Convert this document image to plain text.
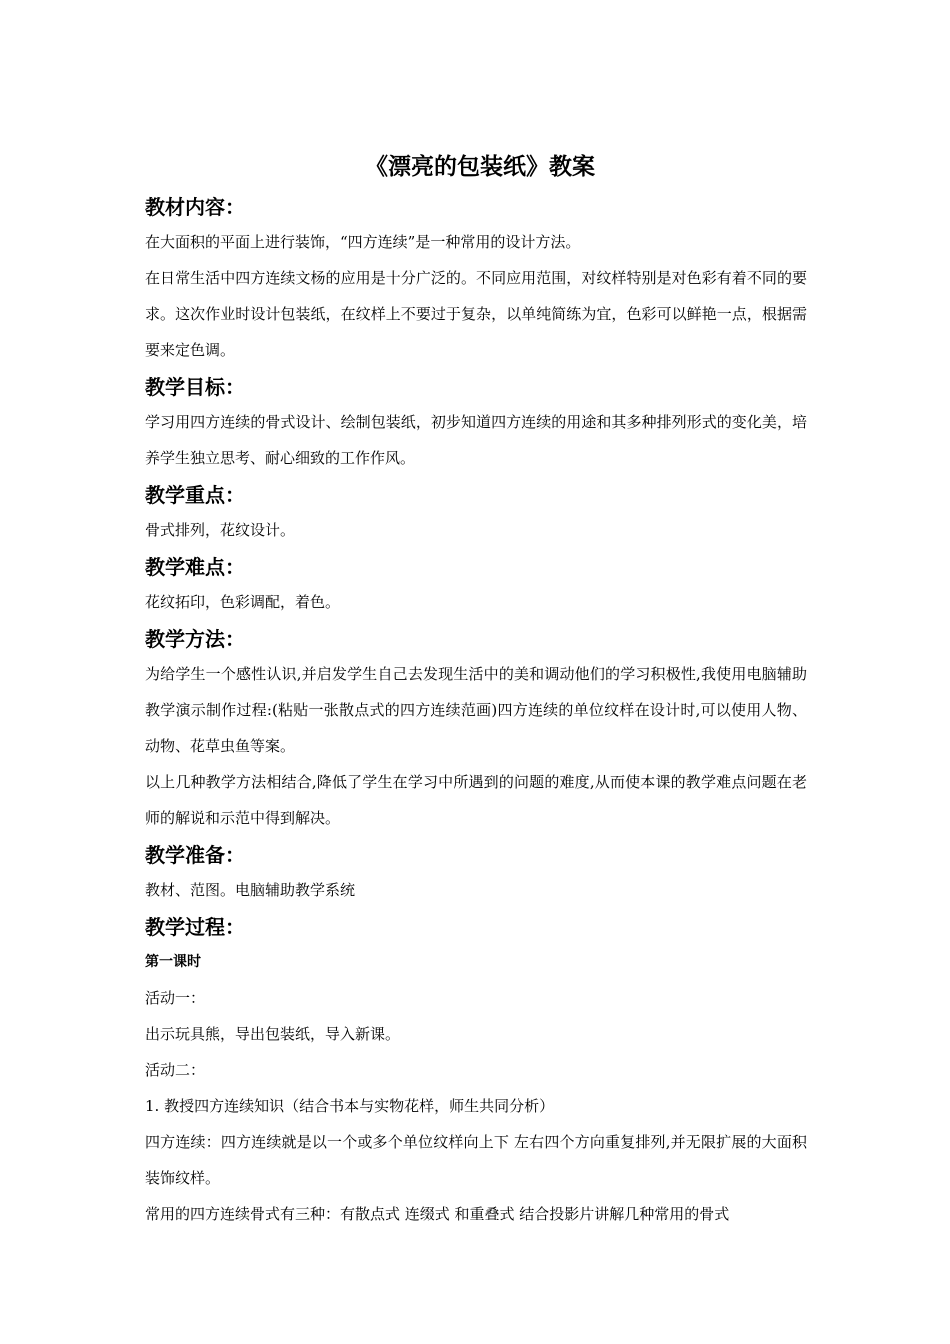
《漂亮的包装纸》教案
教材内容：

在大面积的平面上进行装饰，“四方连续”是一种常用的设计方法。

在日常生活中四方连续文杨的应用是十分广泛的。不同应用范围，对纹样特别是对色彩有着不同的要求。这次作业时设计包装纸，在纹样上不要过于复杂，以单纯简练为宜，色彩可以鲜艳一点，根据需要来定色调。

教学目标：

学习用四方连续的骨式设计、绘制包装纸，初步知道四方连续的用途和其多种排列形式的变化美，培养学生独立思考、耐心细致的工作作风。

教学重点：

骨式排列，花纹设计。

教学难点：

花纹拓印，色彩调配，着色。

教学方法：

为给学生一个感性认识,并启发学生自己去发现生活中的美和调动他们的学习积极性,我使用电脑辅助教学演示制作过程:(粘贴一张散点式的四方连续范画)四方连续的单位纹样在设计时,可以使用人物、动物、花草虫鱼等案。

以上几种教学方法相结合,降低了学生在学习中所遇到的问题的难度,从而使本课的教学难点问题在老师的解说和示范中得到解决。

教学准备：

教材、范图。电脑辅助教学系统

教学过程：

第一课时

活动一：

出示玩具熊，导出包装纸，导入新课。

活动二：

1. 教授四方连续知识（结合书本与实物花样，师生共同分析）

四方连续：四方连续就是以一个或多个单位纹样向上下 左右四个方向重复排列,并无限扩展的大面积装饰纹样。

常用的四方连续骨式有三种：有散点式 连缀式 和重叠式 结合投影片讲解几种常用的骨式
